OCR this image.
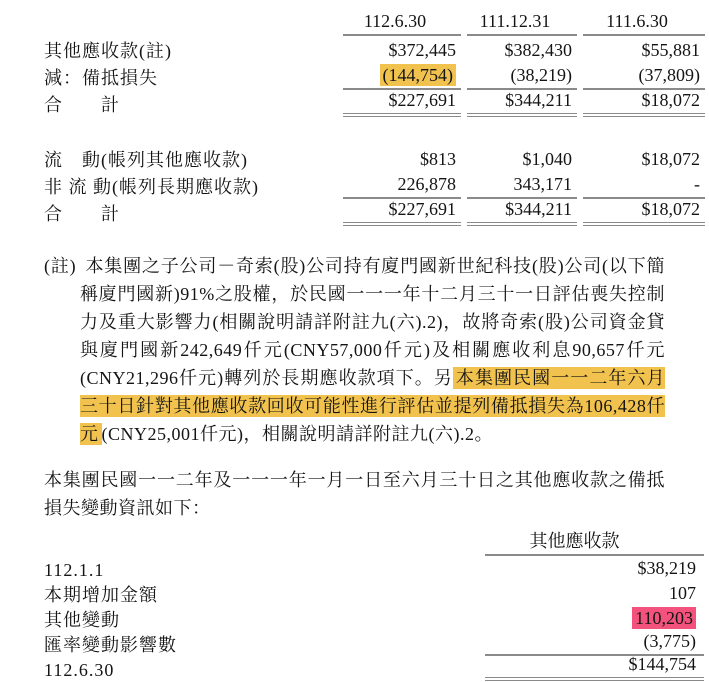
112.6.30	111.12.31	111.6.30
其他應收款(註)	$372,445	$382,430	$55,881
減：備抵損失	(144,754)	(38,219)	(37,809)
合　　計	$227,691	$344,211	$18,072
流　動(帳列其他應收款)	$813	$1,040	$18,072
非 流 動(帳列長期應收款)	226,878	343,171	-
合　　計	$227,691	$344,211	$18,072

(註) 本集團之子公司－奇索(股)公司持有廈門國新世紀科技(股)公司(以下簡稱廈門國新)91%之股權，於民國一一一年十二月三十一日評估喪失控制力及重大影響力(相關說明請詳附註九(六).2)，故將奇索(股)公司資金貸與廈門國新242,649仟元(CNY57,000仟元)及相關應收利息90,657仟元(CNY21,296仟元)轉列於長期應收款項下。另 本集團民國一一二年六月三十日針對其他應收款回收可能性進行評估並提列備抵損失為106,428仟元 (CNY25,001仟元)，相關說明請詳附註九(六).2。

本集團民國一一二年及一一一年一月一日至六月三十日之其他應收款之備抵損失變動資訊如下：

其他應收款
112.1.1	$38,219
本期增加金額	107
其他變動	110,203
匯率變動影響數	(3,775)
112.6.30	$144,754
